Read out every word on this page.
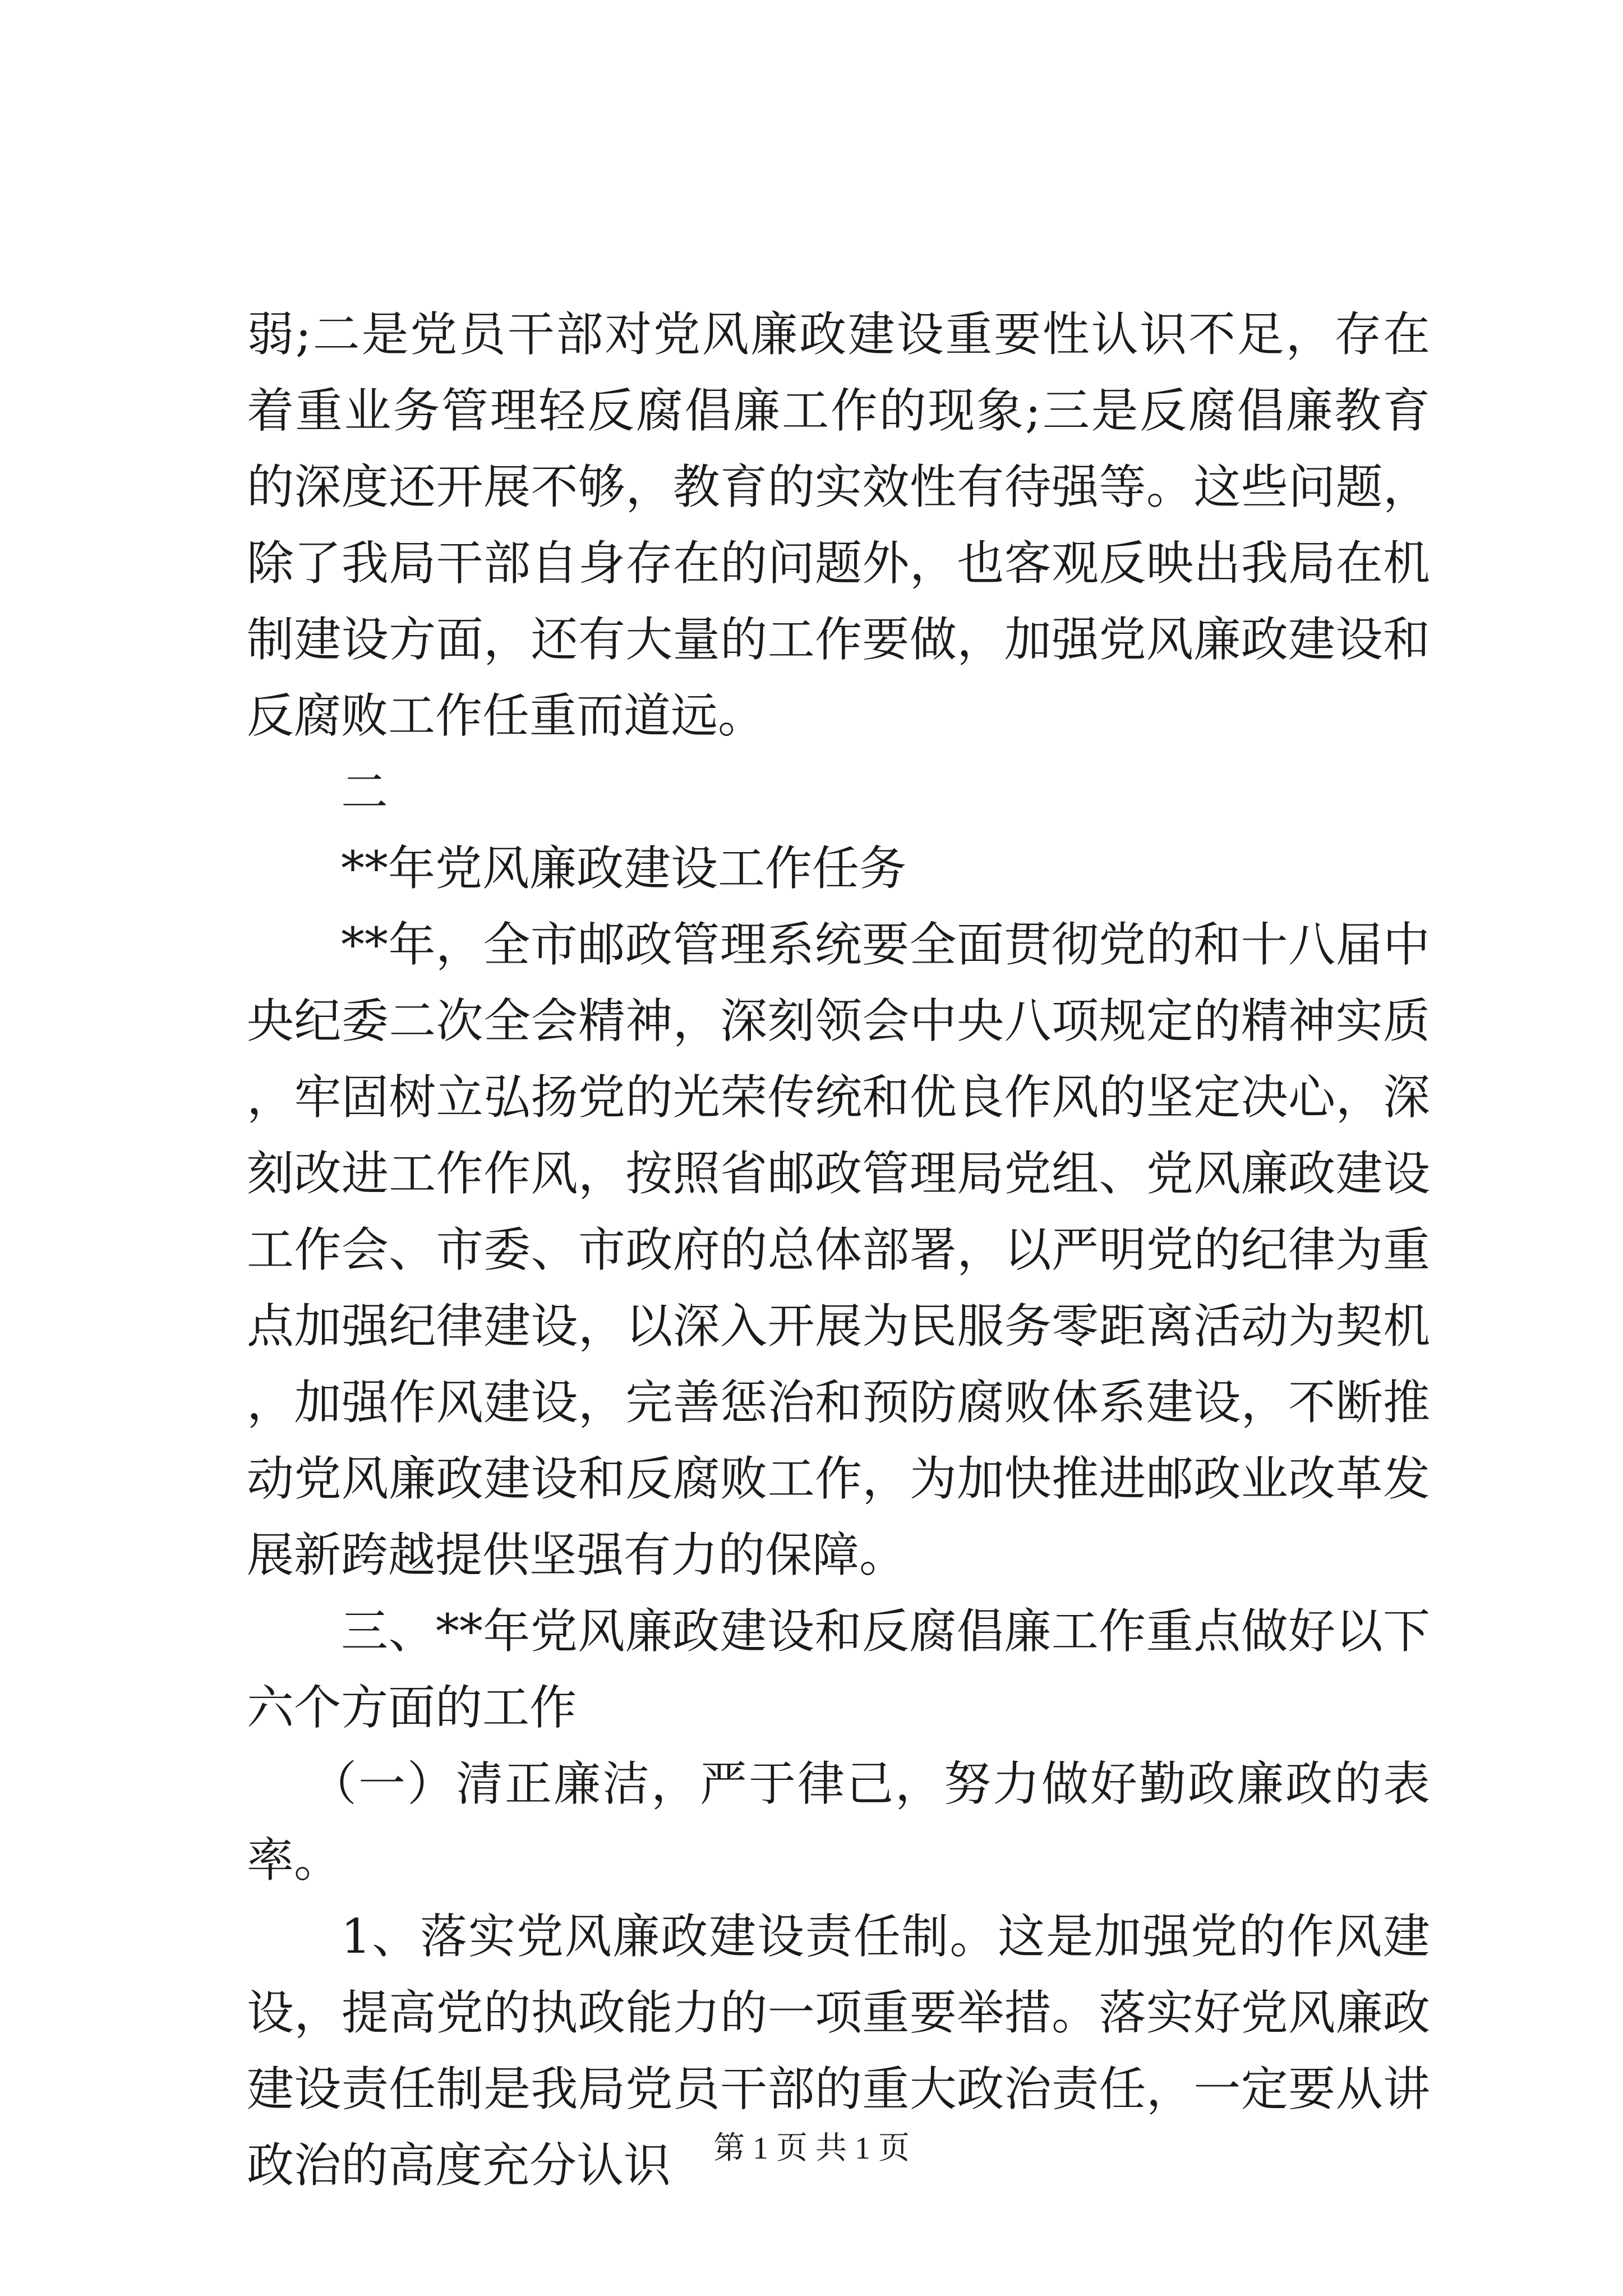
弱;二是党员干部对党风廉政建设重要性认识不足，存在着重业务管理轻反腐倡廉工作的现象;三是反腐倡廉教育的深度还开展不够，教育的实效性有待强等。这些问题，除了我局干部自身存在的问题外，也客观反映出我局在机制建设方面，还有大量的工作要做，加强党风廉政建设和反腐败工作任重而道远。

二

**年党风廉政建设工作任务

**年，全市邮政管理系统要全面贯彻党的和十八届中央纪委二次全会精神，深刻领会中央八项规定的精神实质，牢固树立弘扬党的光荣传统和优良作风的坚定决心，深刻改进工作作风，按照省邮政管理局党组、党风廉政建设工作会、市委、市政府的总体部署，以严明党的纪律为重点加强纪律建设，以深入开展为民服务零距离活动为契机，加强作风建设，完善惩治和预防腐败体系建设，不断推动党风廉政建设和反腐败工作，为加快推进邮政业改革发展新跨越提供坚强有力的保障。

三、**年党风廉政建设和反腐倡廉工作重点做好以下六个方面的工作

（一）清正廉洁，严于律己，努力做好勤政廉政的表率。

1、落实党风廉政建设责任制。这是加强党的作风建设，提高党的执政能力的一项重要举措。落实好党风廉政建设责任制是我局党员干部的重大政治责任，一定要从讲政治的高度充分认识	第 1 页 共 1 页
